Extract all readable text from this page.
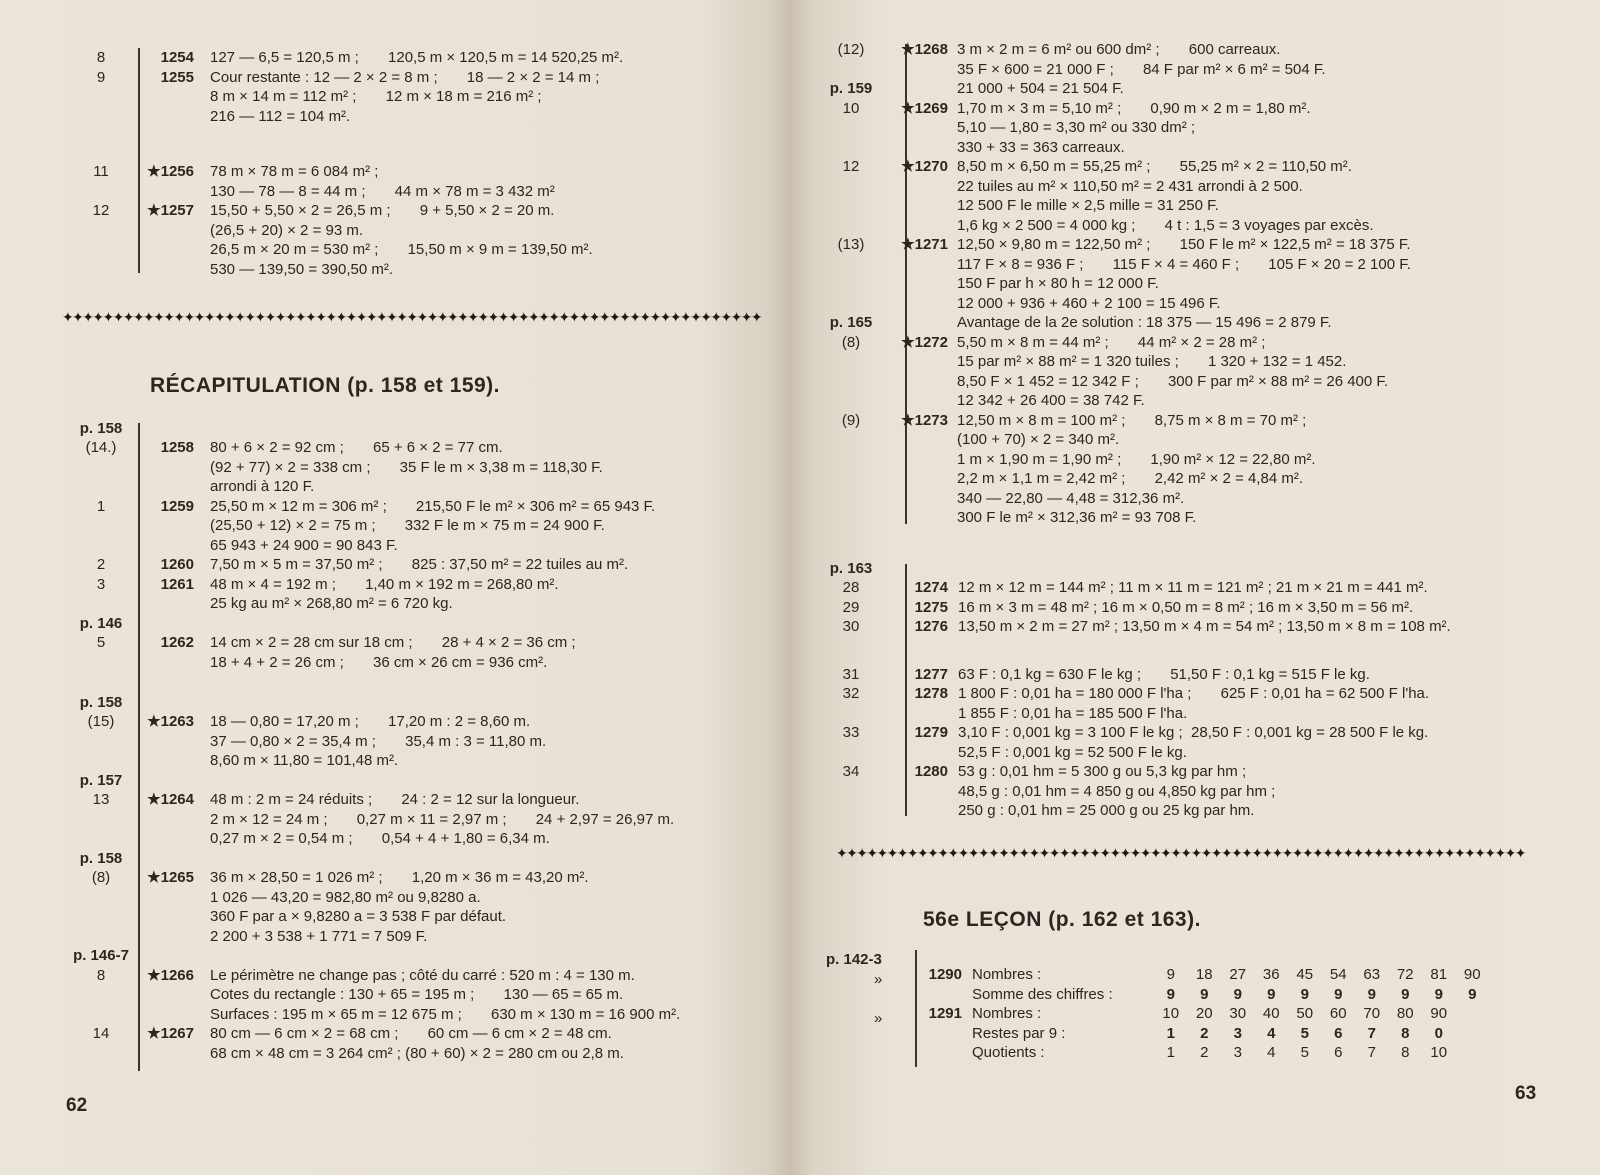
8	1254 127 — 6,5 = 120,5 m ;       120,5 m × 120,5 m = 14 520,25 m².
9	1255 Cour restante : 12 — 2 × 2 = 8 m ;       18 — 2 × 2 = 14 m ;
8 m × 14 m = 112 m² ;       12 m × 18 m = 216 m² ;
216 — 112 = 104 m².
11	★1256 78 m × 78 m = 6 084 m² ;
130 — 78 — 8 = 44 m ;       44 m × 78 m = 3 432 m²
12	★1257 15,50 + 5,50 × 2 = 26,5 m ;       9 + 5,50 × 2 = 20 m.
(26,5 + 20) × 2 = 93 m.
26,5 m × 20 m = 530 m² ;       15,50 m × 9 m = 139,50 m².
530 — 139,50 = 390,50 m².
✦✦✦✦✦✦✦✦✦✦✦✦✦✦✦✦✦✦✦✦✦✦✦✦✦✦✦✦✦✦✦✦✦✦✦✦✦✦✦✦✦✦✦✦✦✦✦✦✦✦✦✦✦✦✦✦✦✦✦✦✦✦✦✦✦✦✦✦✦
RÉCAPITULATION (p. 158 et 159).
p. 158
(14.)	1258 80 + 6 × 2 = 92 cm ;       65 + 6 × 2 = 77 cm.
(92 + 77) × 2 = 338 cm ;       35 F le m × 3,38 m = 118,30 F.
arrondi à 120 F.
1	1259 25,50 m × 12 m = 306 m² ;       215,50 F le m² × 306 m² = 65 943 F.
(25,50 + 12) × 2 = 75 m ;       332 F le m × 75 m = 24 900 F.
65 943 + 24 900 = 90 843 F.
2	1260 7,50 m × 5 m = 37,50 m² ;       825 : 37,50 m² = 22 tuiles au m².
3	1261 48 m × 4 = 192 m ;       1,40 m × 192 m = 268,80 m².
25 kg au m² × 268,80 m² = 6 720 kg.
p. 146
5	1262 14 cm × 2 = 28 cm sur 18 cm ;       28 + 4 × 2 = 36 cm ;
18 + 4 + 2 = 26 cm ;       36 cm × 26 cm = 936 cm².
p. 158
(15)	★1263 18 — 0,80 = 17,20 m ;       17,20 m : 2 = 8,60 m.
37 — 0,80 × 2 = 35,4 m ;       35,4 m : 3 = 11,80 m.
8,60 m × 11,80 = 101,48 m².
p. 157
13	★1264 48 m : 2 m = 24 réduits ;       24 : 2 = 12 sur la longueur.
2 m × 12 = 24 m ;       0,27 m × 11 = 2,97 m ;       24 + 2,97 = 26,97 m.
0,27 m × 2 = 0,54 m ;       0,54 + 4 + 1,80 = 6,34 m.
p. 158
(8)	★1265 36 m × 28,50 = 1 026 m² ;       1,20 m × 36 m = 43,20 m².
1 026 — 43,20 = 982,80 m² ou 9,8280 a.
360 F par a × 9,8280 a = 3 538 F par défaut.
2 200 + 3 538 + 1 771 = 7 509 F.
p. 146-7
8	★1266 Le périmètre ne change pas ; côté du carré : 520 m : 4 = 130 m.
Cotes du rectangle : 130 + 65 = 195 m ;       130 — 65 = 65 m.
Surfaces : 195 m × 65 m = 12 675 m ;       630 m × 130 m = 16 900 m².
14	★1267 80 cm — 6 cm × 2 = 68 cm ;       60 cm — 6 cm × 2 = 48 cm.
68 cm × 48 cm = 3 264 cm² ; (80 + 60) × 2 = 280 cm ou 2,8 m.
62
(12)	★1268 3 m × 2 m = 6 m² ou 600 dm² ;       600 carreaux.
35 F × 600 = 21 000 F ;       84 F par m² × 6 m² = 504 F.
21 000 + 504 = 21 504 F.
p. 159
10	★1269 1,70 m × 3 m = 5,10 m² ;       0,90 m × 2 m = 1,80 m².
5,10 — 1,80 = 3,30 m² ou 330 dm² ;
330 + 33 = 363 carreaux.
12	★1270 8,50 m × 6,50 m = 55,25 m² ;       55,25 m² × 2 = 110,50 m².
22 tuiles au m² × 110,50 m² = 2 431 arrondi à 2 500.
12 500 F le mille × 2,5 mille = 31 250 F.
1,6 kg × 2 500 = 4 000 kg ;       4 t : 1,5 = 3 voyages par excès.
(13)	★1271 12,50 × 9,80 m = 122,50 m² ;       150 F le m² × 122,5 m² = 18 375 F.
117 F × 8 = 936 F ;       115 F × 4 = 460 F ;       105 F × 20 = 2 100 F.
150 F par h × 80 h = 12 000 F.
12 000 + 936 + 460 + 2 100 = 15 496 F.
Avantage de la 2e solution : 18 375 — 15 496 = 2 879 F.
p. 165
(8)	★1272 5,50 m × 8 m = 44 m² ;       44 m² × 2 = 28 m² ;
15 par m² × 88 m² = 1 320 tuiles ;       1 320 + 132 = 1 452.
8,50 F × 1 452 = 12 342 F ;       300 F par m² × 88 m² = 26 400 F.
12 342 + 26 400 = 38 742 F.
(9)	★1273 12,50 m × 8 m = 100 m² ;       8,75 m × 8 m = 70 m² ;
(100 + 70) × 2 = 340 m².
1 m × 1,90 m = 1,90 m² ;       1,90 m² × 12 = 22,80 m².
2,2 m × 1,1 m = 2,42 m² ;       2,42 m² × 2 = 4,84 m².
340 — 22,80 — 4,48 = 312,36 m².
300 F le m² × 312,36 m² = 93 708 F.
p. 163
28	1274 12 m × 12 m = 144 m² ; 11 m × 11 m = 121 m² ; 21 m × 21 m = 441 m².
29	1275 16 m × 3 m = 48 m² ; 16 m × 0,50 m = 8 m² ; 16 m × 3,50 m = 56 m².
30	1276 13,50 m × 2 m = 27 m² ; 13,50 m × 4 m = 54 m² ; 13,50 m × 8 m = 108 m².
31	1277 63 F : 0,1 kg = 630 F le kg ;       51,50 F : 0,1 kg = 515 F le kg.
32	1278 1 800 F : 0,01 ha = 180 000 F l'ha ;       625 F : 0,01 ha = 62 500 F l'ha.
1 855 F : 0,01 ha = 185 500 F l'ha.
33	1279 3,10 F : 0,001 kg = 3 100 F le kg ;  28,50 F : 0,001 kg = 28 500 F le kg.
52,5 F : 0,001 kg = 52 500 F le kg.
34	1280 53 g : 0,01 hm = 5 300 g ou 5,3 kg par hm ;
48,5 g : 0,01 hm = 4 850 g ou 4,850 kg par hm ;
250 g : 0,01 hm = 25 000 g ou 25 kg par hm.
✦✦✦✦✦✦✦✦✦✦✦✦✦✦✦✦✦✦✦✦✦✦✦✦✦✦✦✦✦✦✦✦✦✦✦✦✦✦✦✦✦✦✦✦✦✦✦✦✦✦✦✦✦✦✦✦✦✦✦✦✦✦✦✦✦✦✦✦
56e LEÇON (p. 162 et 163).
p. 142-3
»
»
1290	Nombres :	9	18	27	36	45	54	63	72	81	90
	Somme des chiffres :	9	9	9	9	9	9	9	9	9	9
1291	Nombres :	10	20	30	40	50	60	70	80	90	
	Restes par 9 :	1	2	3	4	5	6	7	8	0	
	Quotients :	1	2	3	4	5	6	7	8	10	
63
